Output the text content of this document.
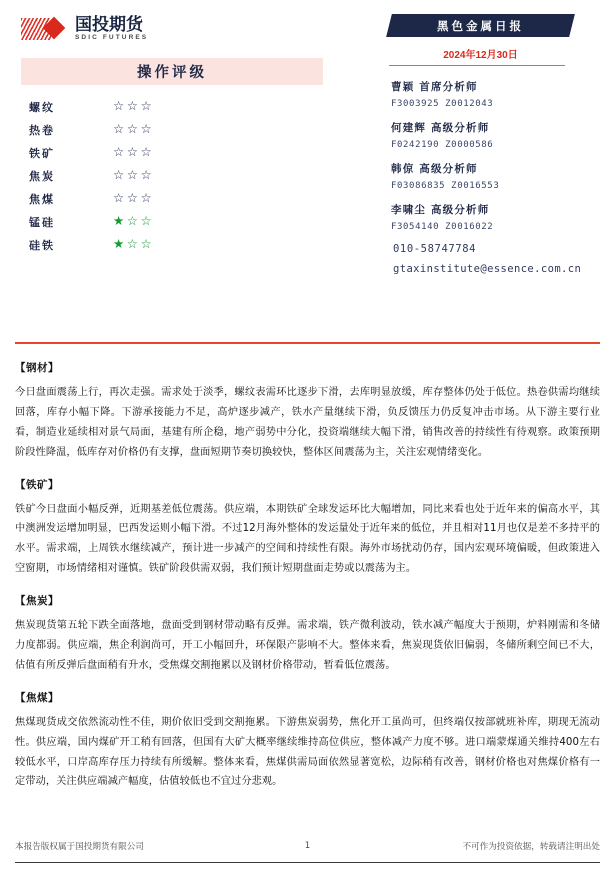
国投期货
SDIC FUTURES
操作评级
螺纹	☆☆☆
热卷	☆☆☆
铁矿	☆☆☆
焦炭	☆☆☆
焦煤	☆☆☆
锰硅	★☆☆
硅铁	★☆☆
黑色金属日报
2024年12月30日
曹颖 首席分析师
F3003925 Z0012043
何建辉 高级分析师
F0242190 Z0000586
韩倞 高级分析师
F03086835 Z0016553
李啸尘 高级分析师
F3054140 Z0016022
010-58747784
gtaxinstitute@essence.com.cn
【钢材】
今日盘面震荡上行，再次走强。需求处于淡季，螺纹表需环比逐步下滑，去库明显放缓，库存整体仍处于低位。热卷供需均继续回落，库存小幅下降。下游承接能力不足，高炉逐步减产，铁水产量继续下滑，负反馈压力仍反复冲击市场。从下游主要行业看，制造业延续相对景气局面，基建有所企稳，地产弱势中分化，投资端继续大幅下滑，销售改善的持续性有待观察。政策预期阶段性降温，低库存对价格仍有支撑，盘面短期节奏切换较快，整体区间震荡为主，关注宏观情绪变化。
【铁矿】
铁矿今日盘面小幅反弹，近期基差低位震荡。供应端，本期铁矿全球发运环比大幅增加，同比来看也处于近年来的偏高水平，其中澳洲发运增加明显，巴西发运则小幅下滑。不过12月海外整体的发运量处于近年来的低位，并且相对11月也仅是差不多持平的水平。需求端，上周铁水继续减产，预计进一步减产的空间和持续性有限。海外市场扰动仍存，国内宏观环境偏暖，但政策进入空窗期，市场情绪相对谨慎。铁矿阶段供需双弱，我们预计短期盘面走势或以震荡为主。
【焦炭】
焦炭现货第五轮下跌全面落地，盘面受到钢材带动略有反弹。需求端，铁产微利波动，铁水减产幅度大于预期，炉料刚需和冬储力度都弱。供应端，焦企利润尚可，开工小幅回升，环保限产影响不大。整体来看，焦炭现货依旧偏弱，冬储所剩空间已不大，估值有所反弹后盘面稍有升水，受焦煤交割拖累以及钢材价格带动，暂看低位震荡。
【焦煤】
焦煤现货成交依然流动性不佳，期价依旧受到交割拖累。下游焦炭弱势，焦化开工虽尚可，但终端仅按部就班补库，期现无流动性。供应端，国内煤矿开工稍有回落，但国有大矿大概率继续维持高位供应，整体减产力度不够。进口端蒙煤通关维持400左右较低水平，口岸高库存压力持续有所缓解。整体来看，焦煤供需局面依然显著宽松，边际稍有改善，钢材价格也对焦煤价格有一定带动，关注供应端减产幅度，估值较低也不宜过分悲观。
本报告版权属于国投期货有限公司	1	不可作为投资依据，转载请注明出处
